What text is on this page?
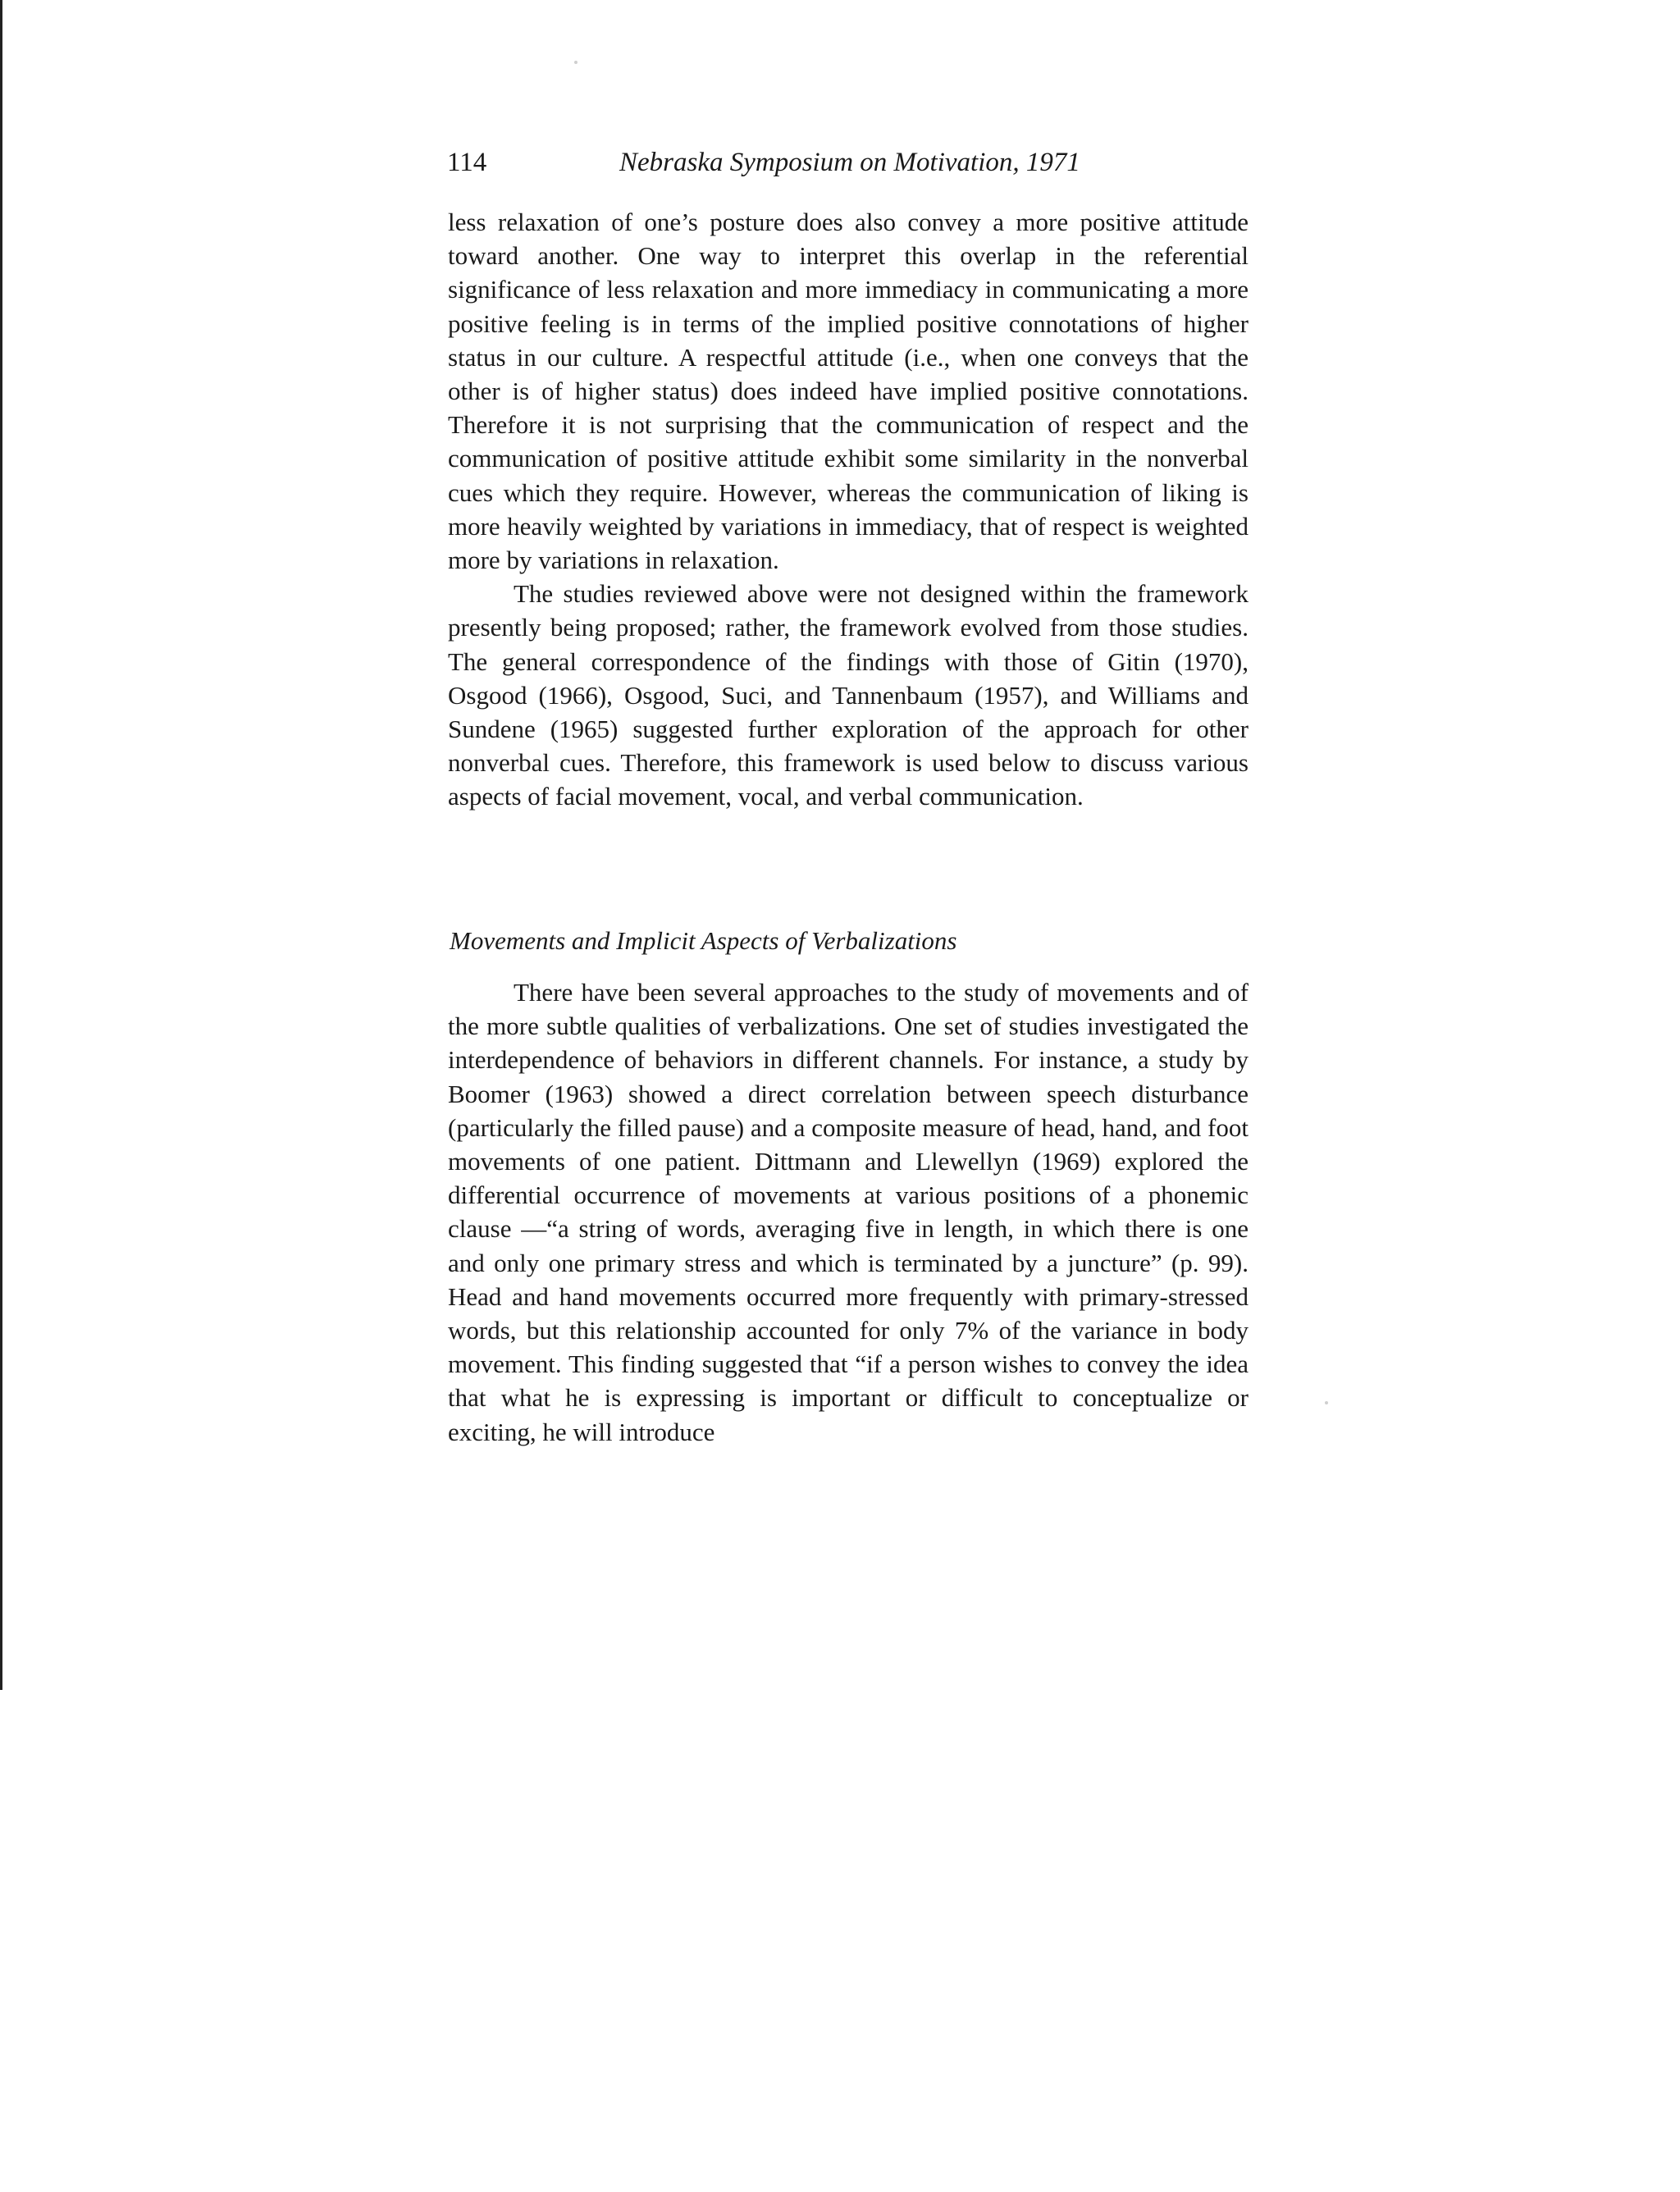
114	Nebraska Symposium on Motivation, 1971

less relaxation of one’s posture does also convey a more positive attitude toward another. One way to interpret this overlap in the referential significance of less relaxation and more immediacy in communicating a more positive feeling is in terms of the implied positive connotations of higher status in our culture. A respectful attitude (i.e., when one conveys that the other is of higher status) does indeed have implied positive connotations. Therefore it is not surprising that the communication of respect and the communication of positive attitude exhibit some similarity in the nonverbal cues which they require. However, whereas the communication of liking is more heavily weighted by variations in immediacy, that of respect is weighted more by variations in relaxation.

The studies reviewed above were not designed within the framework presently being proposed; rather, the framework evolved from those studies. The general correspondence of the findings with those of Gitin (1970), Osgood (1966), Osgood, Suci, and Tannenbaum (1957), and Williams and Sundene (1965) suggested further exploration of the approach for other nonverbal cues. Therefore, this framework is used below to discuss various aspects of facial movement, vocal, and verbal communication.

Movements and Implicit Aspects of Verbalizations

There have been several approaches to the study of movements and of the more subtle qualities of verbalizations. One set of studies investigated the interdependence of behaviors in different channels. For instance, a study by Boomer (1963) showed a direct correlation between speech disturbance (particularly the filled pause) and a composite measure of head, hand, and foot movements of one patient. Dittmann and Llewellyn (1969) explored the differential occurrence of movements at various positions of a phonemic clause —“a string of words, averaging five in length, in which there is one and only one primary stress and which is terminated by a juncture” (p. 99). Head and hand movements occurred more frequently with primary-stressed words, but this relationship accounted for only 7% of the variance in body movement. This finding suggested that “if a person wishes to convey the idea that what he is expressing is important or difficult to conceptualize or exciting, he will introduce
